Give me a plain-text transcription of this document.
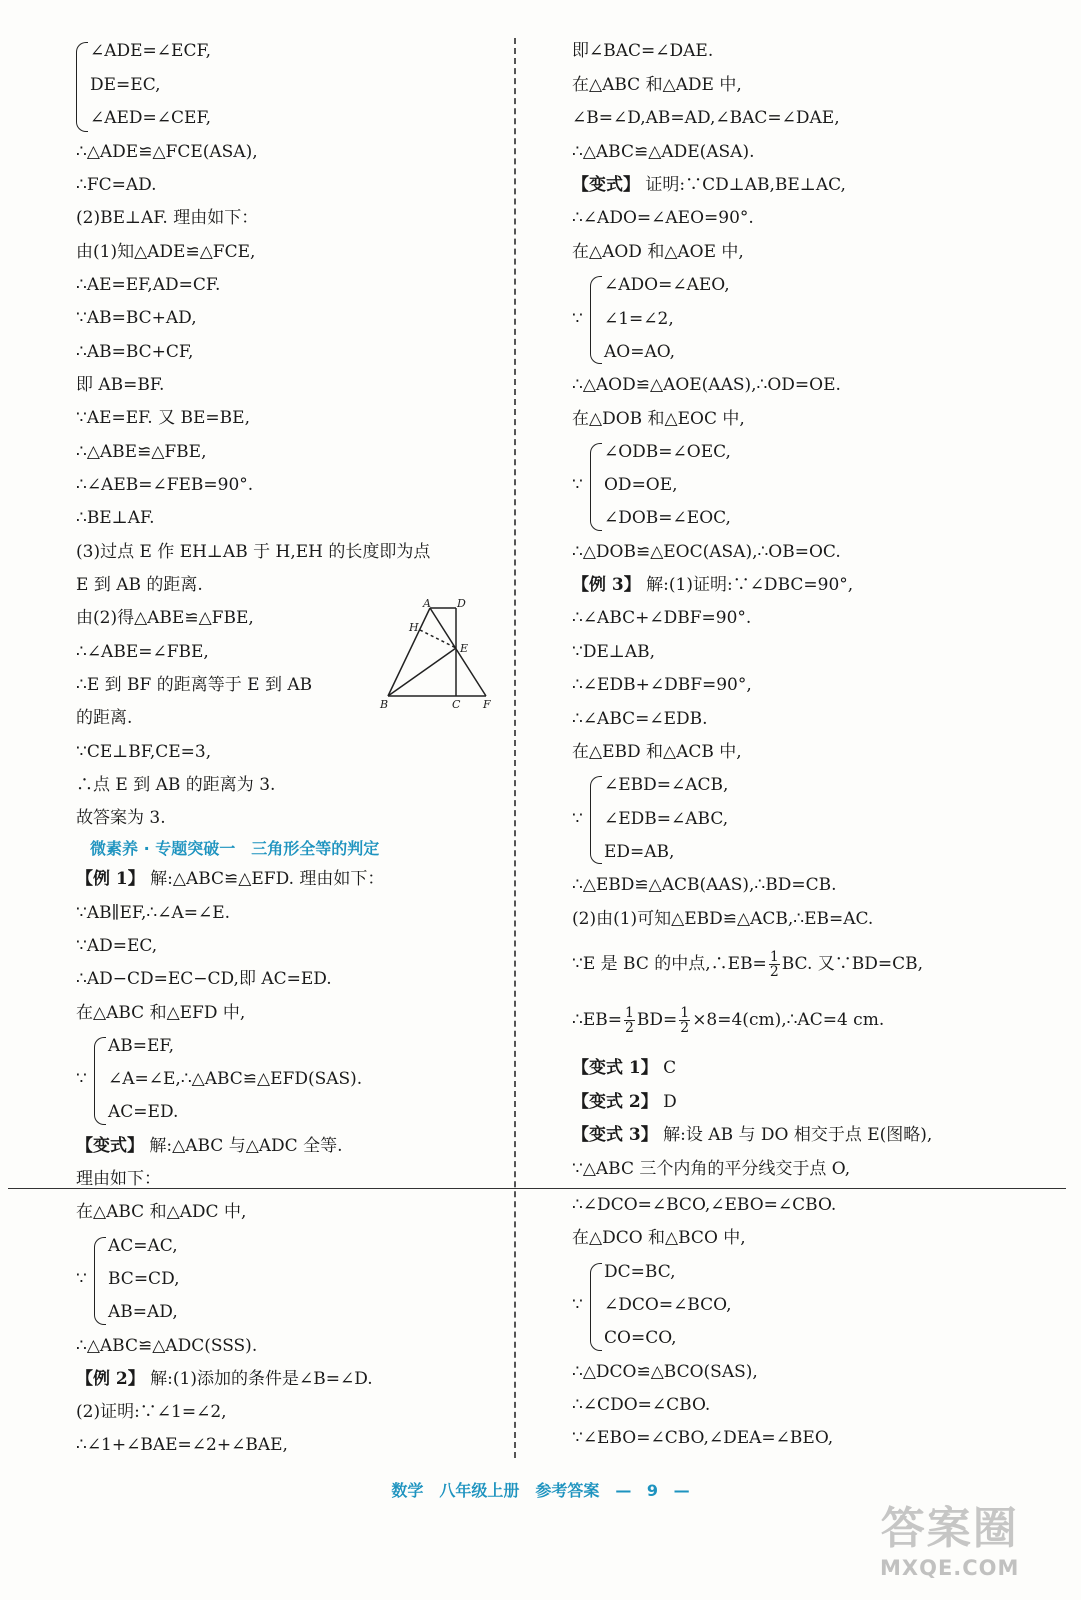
∠ADE=∠ECF,
DE=EC,
∠AED=∠CEF,
∴△ADE≌△FCE(ASA),
∴FC=AD.
(2)BE⊥AF. 理由如下：
由(1)知△ADE≌△FCE,
∴AE=EF,AD=CF.
∵AB=BC+AD,
∴AB=BC+CF,
即 AB=BF.
∵AE=EF. 又 BE=BE,
∴△ABE≌△FBE,
∴∠AEB=∠FEB=90°.
∴BE⊥AF.
(3)过点 E 作 EH⊥AB 于 H,EH 的长度即为点
E 到 AB 的距离.
由(2)得△ABE≌△FBE,
∴∠ABE=∠FBE,
∴E 到 BF 的距离等于 E 到 AB
的距离.
∵CE⊥BF,CE=3,
∴点 E 到 AB 的距离为 3.
故答案为 3.
A D
H
E
B	C F
微素养 · 专题突破一　三角形全等的判定
【例 1】 解:△ABC≌△EFD. 理由如下：
∵AB∥EF,∴∠A=∠E.
∵AD=EC,
∴AD−CD=EC−CD,即 AC=ED.
在△ABC 和△EFD 中,
∵
AB=EF,
∠A=∠E,∴△ABC≌△EFD(SAS).
AC=ED.
【变式】 解:△ABC 与△ADC 全等.
理由如下：
在△ABC 和△ADC 中,
∵
AC=AC,
BC=CD,
AB=AD,
∴△ABC≌△ADC(SSS).
【例 2】 解:(1)添加的条件是∠B=∠D.
(2)证明:∵∠1=∠2,
∴∠1+∠BAE=∠2+∠BAE,
即∠BAC=∠DAE.
在△ABC 和△ADE 中,
∠B=∠D,AB=AD,∠BAC=∠DAE,
∴△ABC≌△ADE(ASA).
【变式】 证明:∵CD⊥AB,BE⊥AC,
∴∠ADO=∠AEO=90°.
在△AOD 和△AOE 中,
∵
∠ADO=∠AEO,
∠1=∠2,
AO=AO,
∴△AOD≌△AOE(AAS),∴OD=OE.
在△DOB 和△EOC 中,
∵
∠ODB=∠OEC,
OD=OE,
∠DOB=∠EOC,
∴△DOB≌△EOC(ASA),∴OB=OC.
【例 3】 解:(1)证明:∵∠DBC=90°,
∴∠ABC+∠DBF=90°.
∵DE⊥AB,
∴∠EDB+∠DBF=90°,
∴∠ABC=∠EDB.
在△EBD 和△ACB 中,
∵
∠EBD=∠ACB,
∠EDB=∠ABC,
ED=AB,
∴△EBD≌△ACB(AAS),∴BD=CB.
(2)由(1)可知△EBD≌△ACB,∴EB=AC.
∵E 是 BC 的中点,∴EB= $\frac{1}{2}$ BC. 又∵BD=CB,
∴EB= $\frac{1}{2} BD= \frac{1}{2}$ ×8=4(cm),∴AC=4 cm.
【变式 1】 C
【变式 2】 D
【变式 3】 解:设 AB 与 DO 相交于点 E(图略),
∵△ABC 三个内角的平分线交于点 O,
∴∠DCO=∠BCO,∠EBO=∠CBO.
在△DCO 和△BCO 中,
∵
DC=BC,
∠DCO=∠BCO,
CO=CO,
∴△DCO≌△BCO(SAS),
∴∠CDO=∠CBO.
∵∠EBO=∠CBO,∠DEA=∠BEO,
数学　八年级上册　参考答案　— 9 —
答案圈
MXQE.COM
